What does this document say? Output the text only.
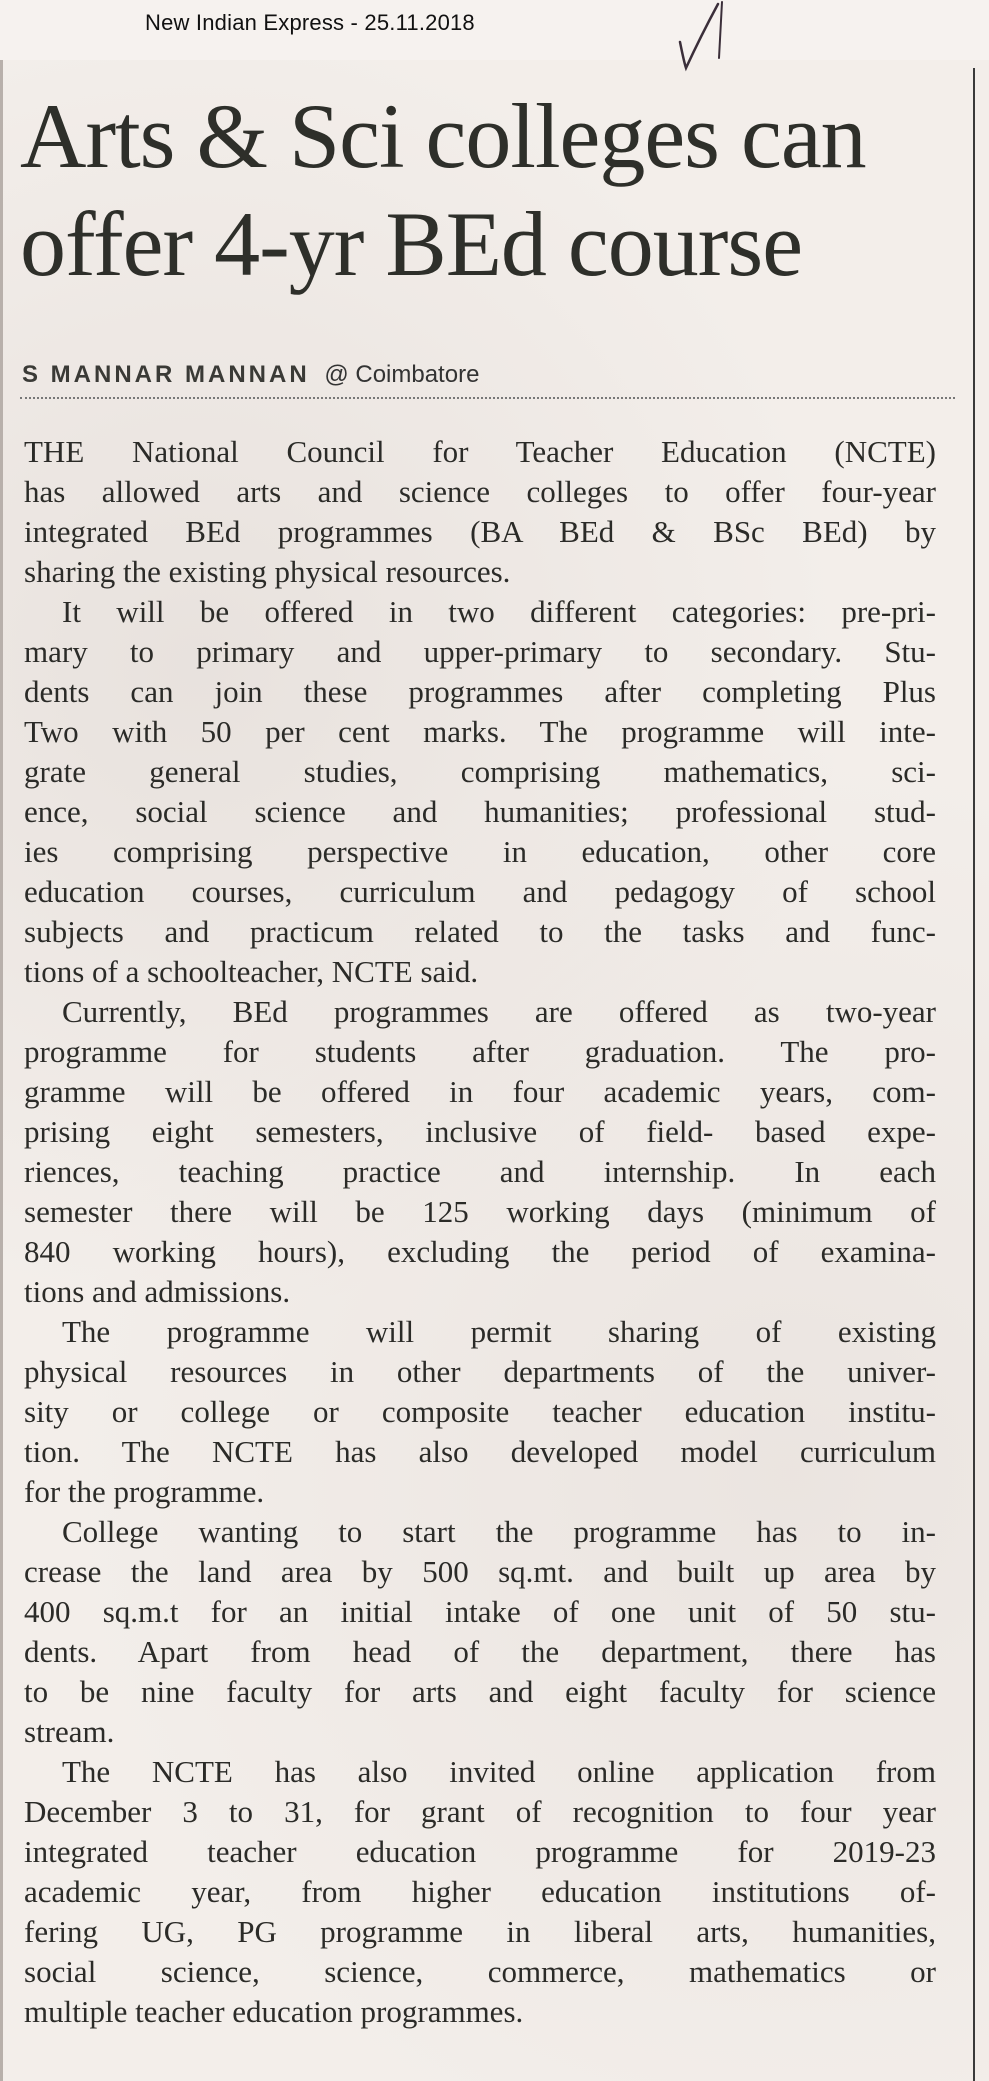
New Indian Express - 25.11.2018
Arts & Sci colleges can
offer 4-yr BEd course
S MANNAR MANNAN @ Coimbatore
THE National Council for Teacher Education (NCTE)
has allowed arts and science colleges to offer four-year
integrated BEd programmes (BA BEd & BSc BEd) by
sharing the existing physical resources.
It will be offered in two different categories: pre-pri-
mary to primary and upper-primary to secondary. Stu-
dents can join these programmes after completing Plus
Two with 50 per cent marks. The programme will inte-
grate general studies, comprising mathematics, sci-
ence, social science and humanities; professional stud-
ies comprising perspective in education, other core
education courses, curriculum and pedagogy of school
subjects and practicum related to the tasks and func-
tions of a schoolteacher, NCTE said.
Currently, BEd programmes are offered as two-year
programme for students after graduation. The pro-
gramme will be offered in four academic years, com-
prising eight semesters, inclusive of field- based expe-
riences, teaching practice and internship. In each
semester there will be 125 working days (minimum of
840 working hours), excluding the period of examina-
tions and admissions.
The programme will permit sharing of existing
physical resources in other departments of the univer-
sity or college or composite teacher education institu-
tion. The NCTE has also developed model curriculum
for the programme.
College wanting to start the programme has to in-
crease the land area by 500 sq.mt. and built up area by
400 sq.m.t for an initial intake of one unit of 50 stu-
dents. Apart from head of the department, there has
to be nine faculty for arts and eight faculty for science
stream.
The NCTE has also invited online application from
December 3 to 31, for grant of recognition to four year
integrated teacher education programme for 2019-23
academic year, from higher education institutions of-
fering UG, PG programme in liberal arts, humanities,
social science, science, commerce, mathematics or
multiple teacher education programmes.
